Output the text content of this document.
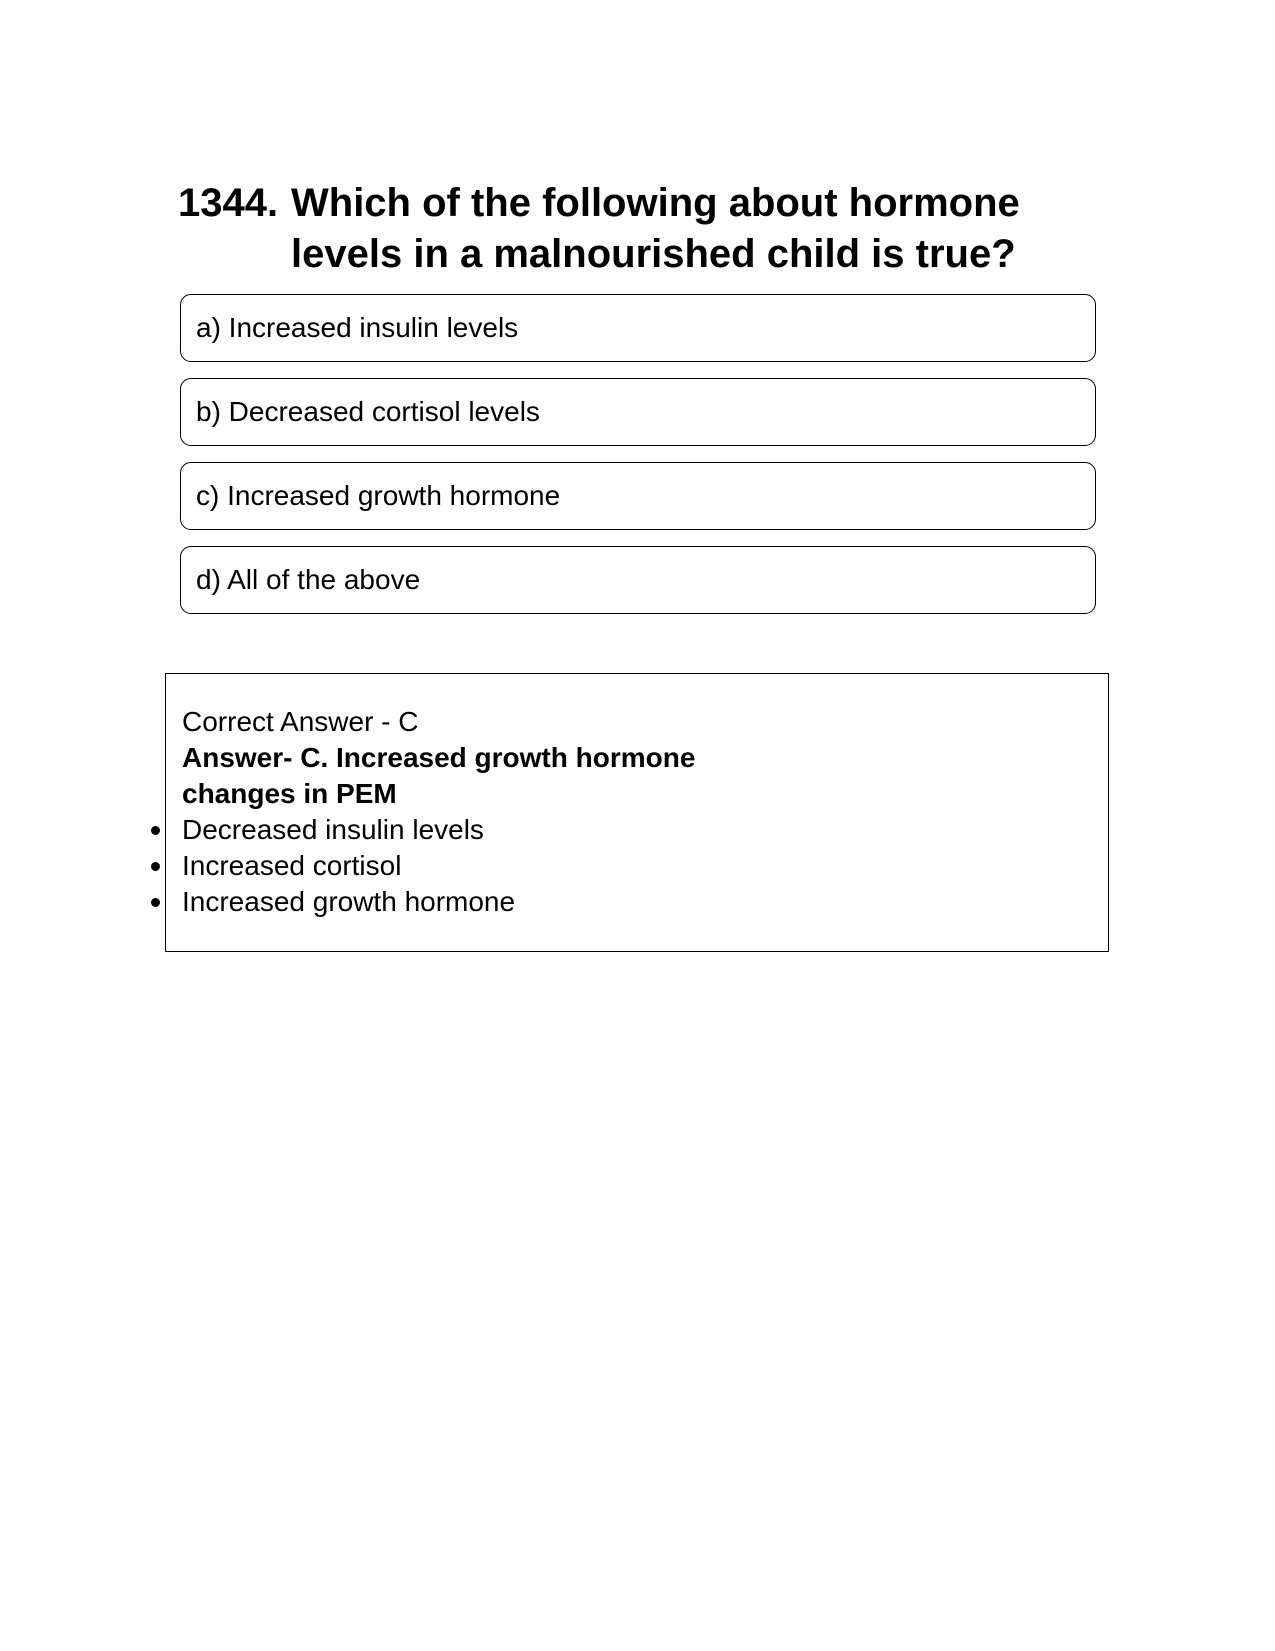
1344. Which of the following about hormone levels in a malnourished child is true?
a) Increased insulin levels
b) Decreased cortisol levels
c) Increased growth hormone
d) All of the above
Correct Answer - C
Answer- C. Increased growth hormone changes in PEM
Decreased insulin levels
Increased cortisol
Increased growth hormone
